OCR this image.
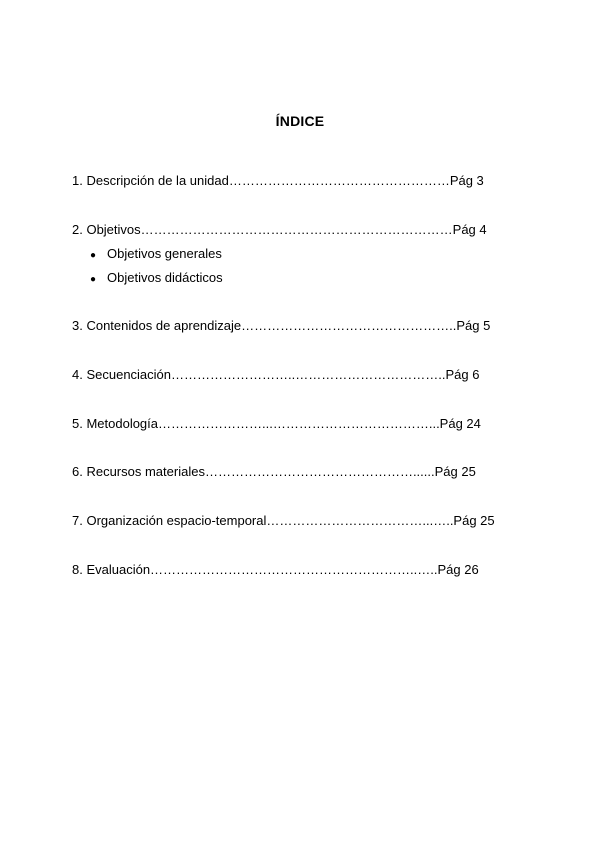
ÍNDICE
1. Descripción de la unidad……………………………………………Pág 3
2. Objetivos………………………………………………………………Pág 4
● Objetivos generales
● Objetivos didácticos
3. Contenidos de aprendizaje…………………………………………..Pág 5
4. Secuenciación………………………..……………………………..Pág 6
5. Metodología……………………...………………………………...Pág 24
6. Recursos materiales…………………………………………......Pág 25
7. Organización espacio-temporal………………………………...…..Pág 25
8. Evaluación……………………………………………………..…..Pág 26
